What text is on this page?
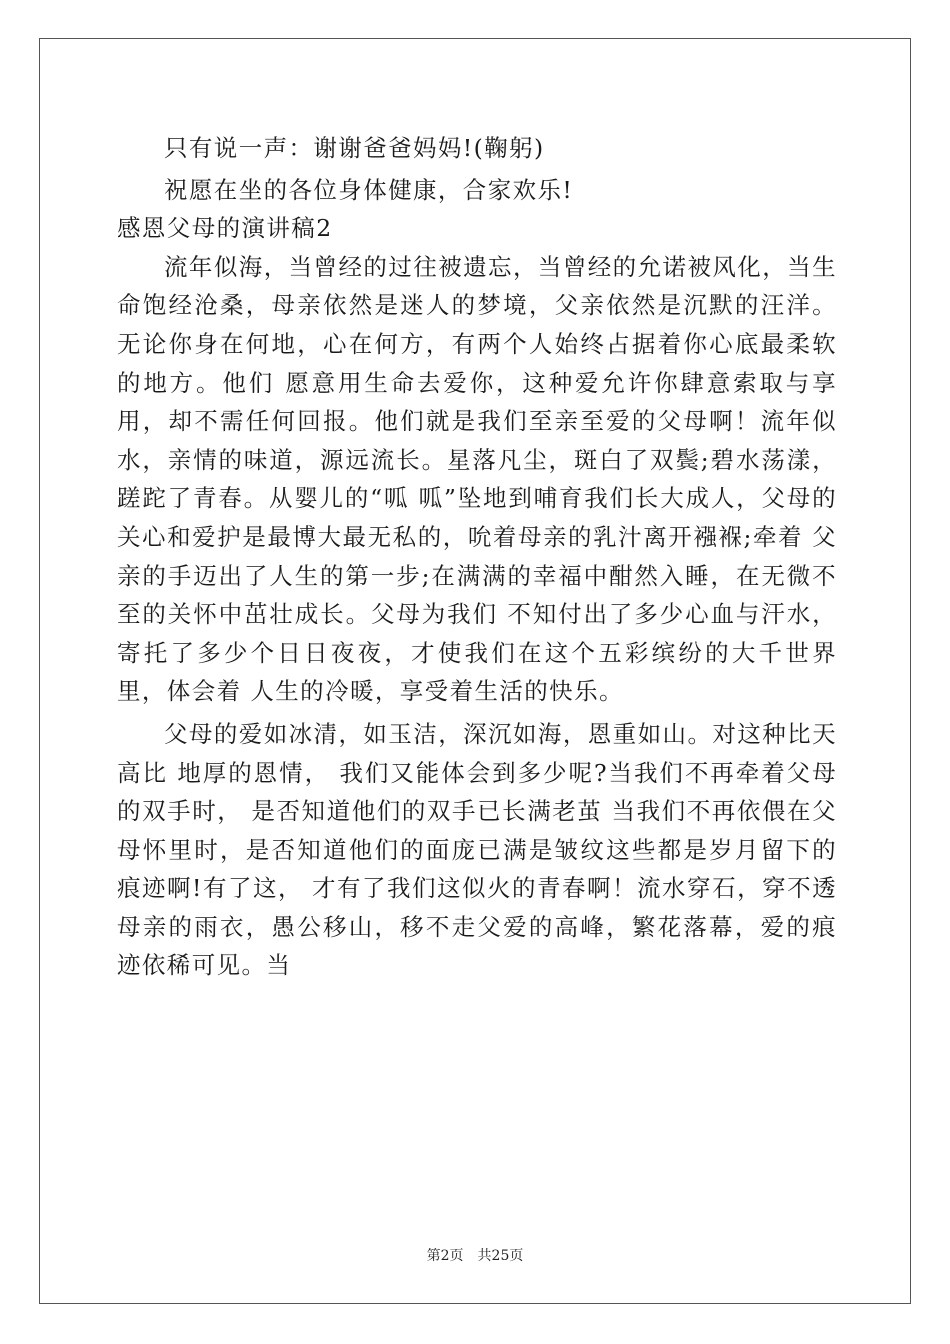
只有说一声：谢谢爸爸妈妈!(鞠躬)

祝愿在坐的各位身体健康，合家欢乐!

感恩父母的演讲稿2

流年似海，当曾经的过往被遗忘，当曾经的允诺被风化，当生命饱经沧桑，母亲依然是迷人的梦境，父亲依然是沉默的汪洋。无论你身在何地，心在何方，有两个人始终占据着你心底最柔软的地方。他们 愿意用生命去爱你，这种爱允许你肆意索取与享用，却不需任何回报。他们就是我们至亲至爱的父母啊！流年似水，亲情的味道，源远流长。星落凡尘，斑白了双鬓;碧水荡漾，蹉跎了青春。从婴儿的“呱 呱”坠地到哺育我们长大成人，父母的关心和爱护是最博大最无私的，吮着母亲的乳汁离开襁褓;牵着 父亲的手迈出了人生的第一步;在满满的幸福中酣然入睡，在无微不至的关怀中茁壮成长。父母为我们 不知付出了多少心血与汗水，寄托了多少个日日夜夜，才使我们在这个五彩缤纷的大千世界里，体会着 人生的冷暖，享受着生活的快乐。

父母的爱如冰清，如玉洁，深沉如海，恩重如山。对这种比天高比 地厚的恩情， 我们又能体会到多少呢?当我们不再牵着父母的双手时， 是否知道他们的双手已长满老茧 当我们不再依偎在父母怀里时，是否知道他们的面庞已满是皱纹这些都是岁月留下的痕迹啊!有了这， 才有了我们这似火的青春啊！流水穿石，穿不透母亲的雨衣，愚公移山，移不走父爱的高峰，繁花落幕，爱的痕迹依稀可见。当

第2页 共25页
